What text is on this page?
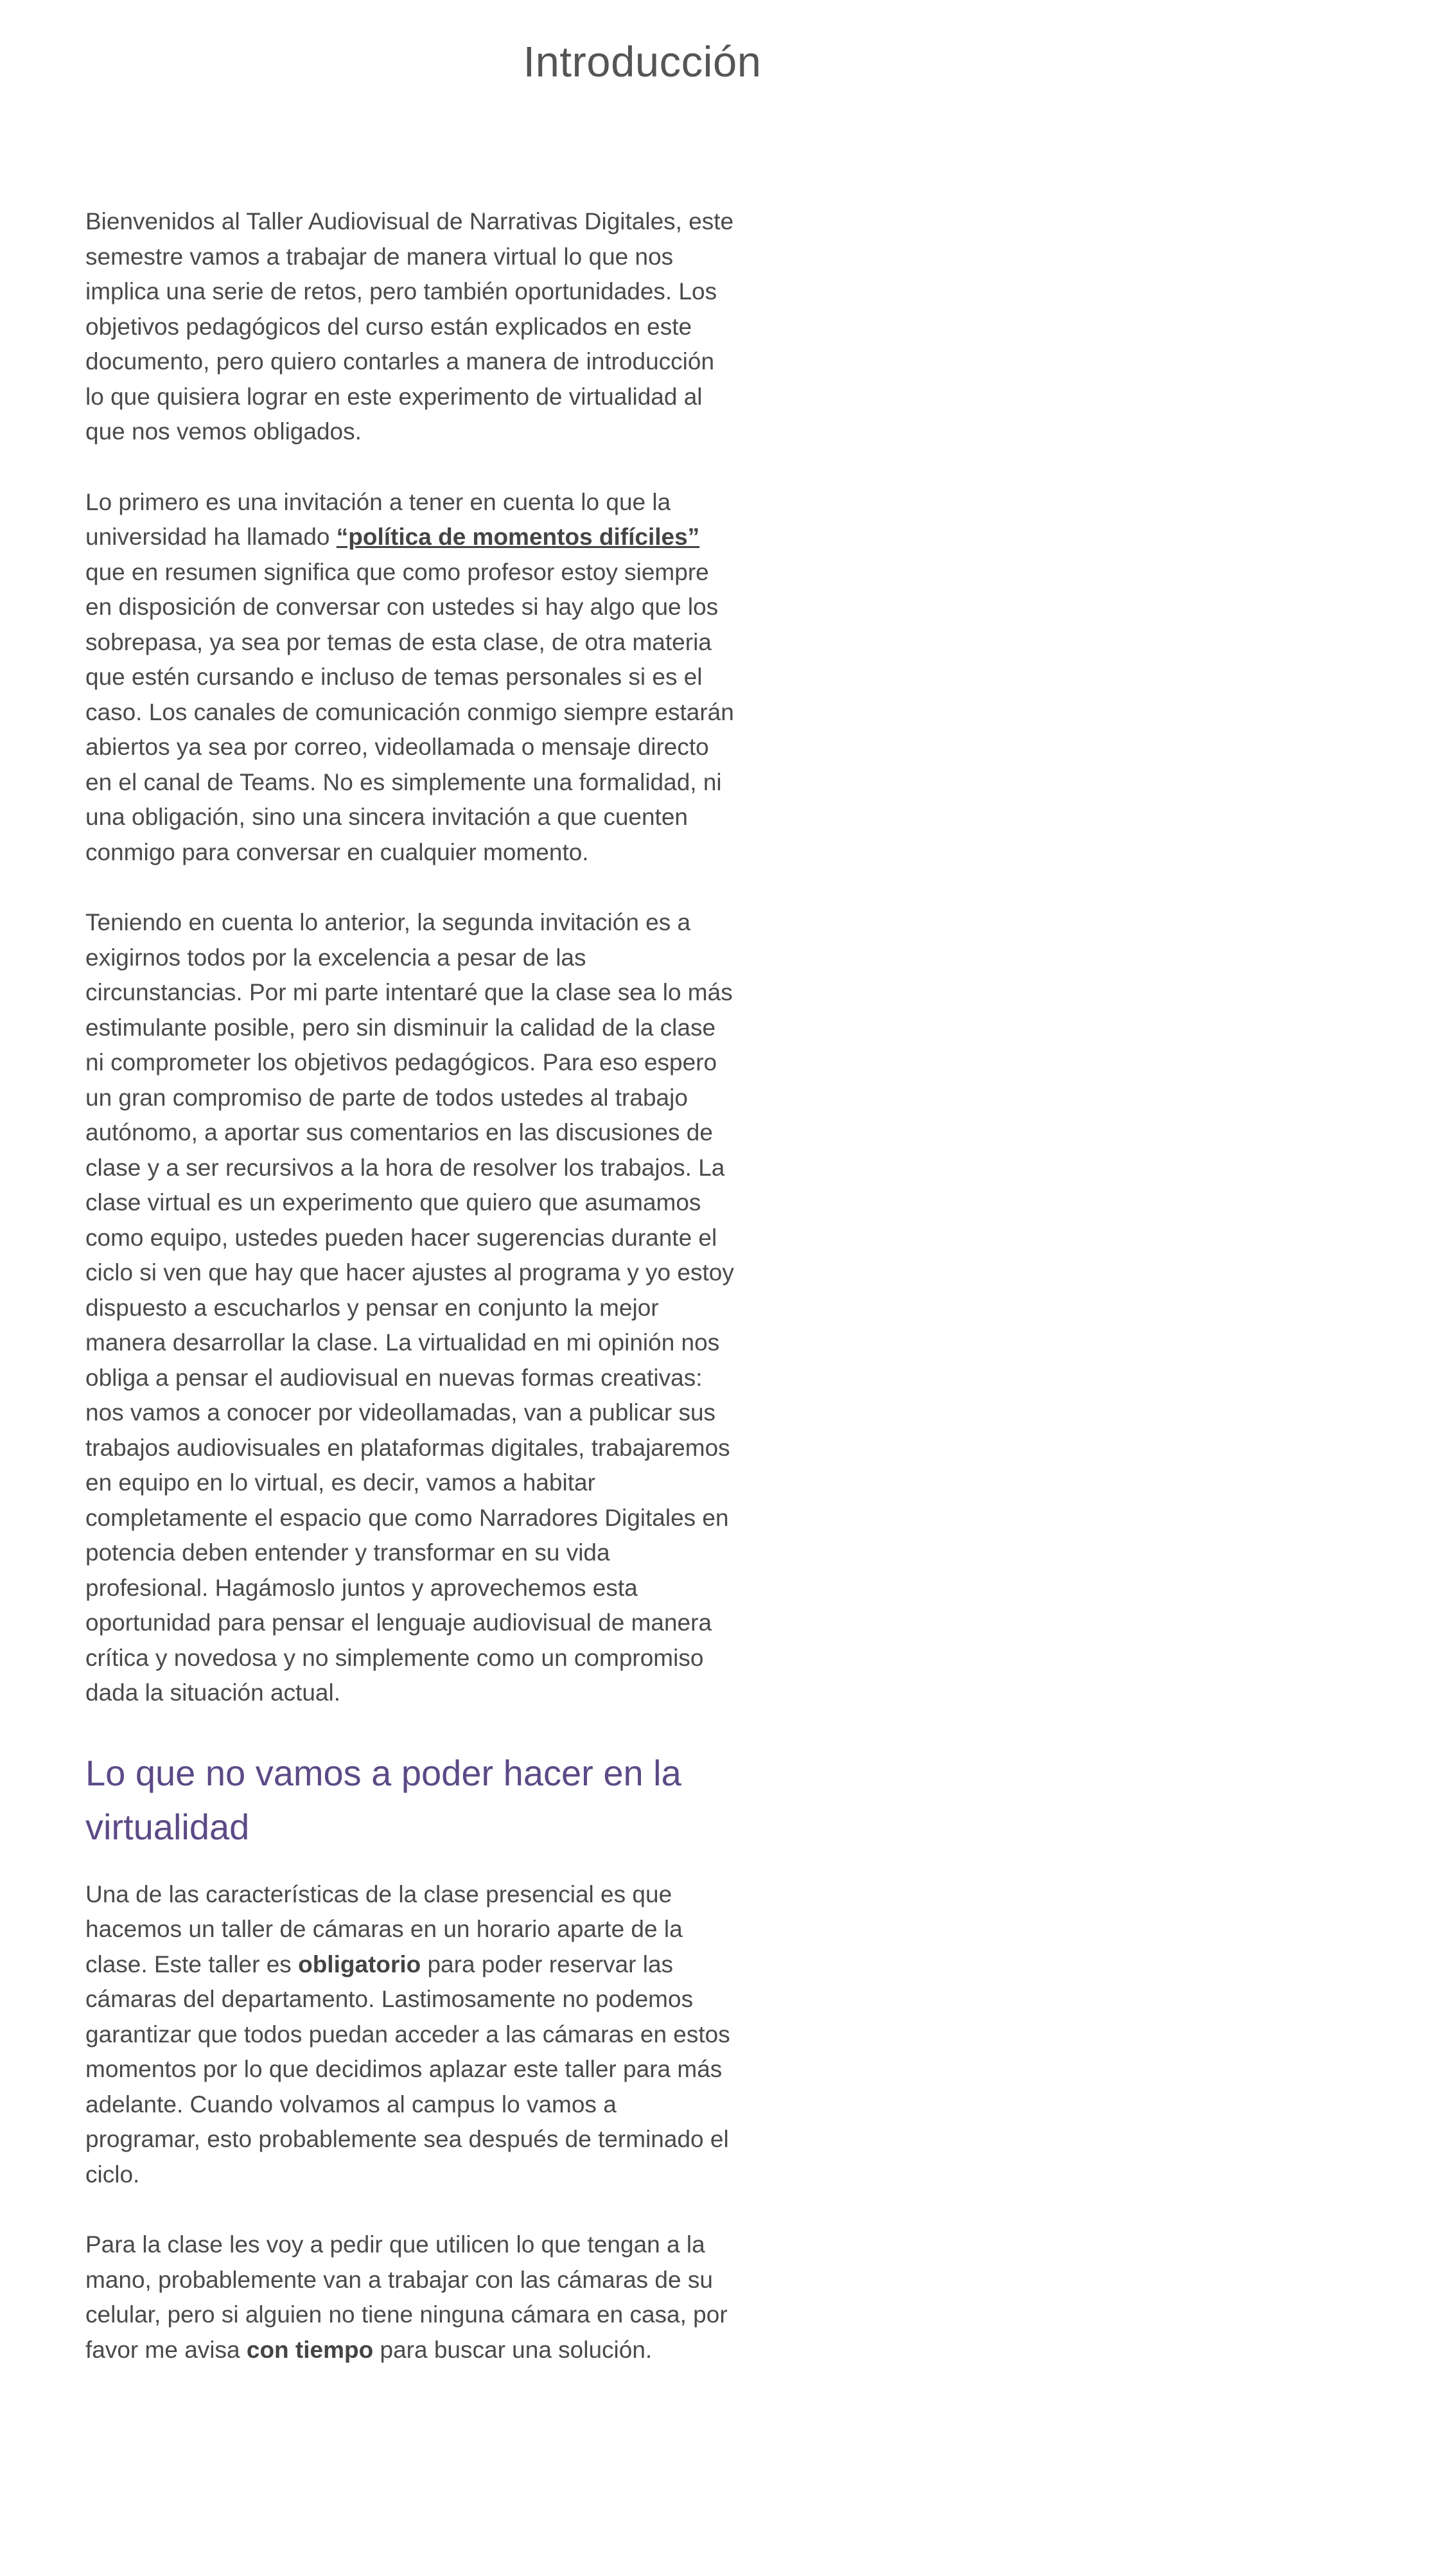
Introducción

Bienvenidos al Taller Audiovisual de Narrativas Digitales, este semestre vamos a trabajar de manera virtual lo que nos implica una serie de retos, pero también oportunidades. Los objetivos pedagógicos del curso están explicados en este documento, pero quiero contarles a manera de introducción lo que quisiera lograr en este experimento de virtualidad al que nos vemos obligados.

Lo primero es una invitación a tener en cuenta lo que la universidad ha llamado “política de momentos difíciles” que en resumen significa que como profesor estoy siempre en disposición de conversar con ustedes si hay algo que los sobrepasa, ya sea por temas de esta clase, de otra materia que estén cursando e incluso de temas personales si es el caso. Los canales de comunicación conmigo siempre estarán abiertos ya sea por correo, videollamada o mensaje directo en el canal de Teams. No es simplemente una formalidad, ni una obligación, sino una sincera invitación a que cuenten conmigo para conversar en cualquier momento.

Teniendo en cuenta lo anterior, la segunda invitación es a exigirnos todos por la excelencia a pesar de las circunstancias. Por mi parte intentaré que la clase sea lo más estimulante posible, pero sin disminuir la calidad de la clase ni comprometer los objetivos pedagógicos. Para eso espero un gran compromiso de parte de todos ustedes al trabajo autónomo, a aportar sus comentarios en las discusiones de clase y a ser recursivos a la hora de resolver los trabajos. La clase virtual es un experimento que quiero que asumamos como equipo, ustedes pueden hacer sugerencias durante el ciclo si ven que hay que hacer ajustes al programa y yo estoy dispuesto a escucharlos y pensar en conjunto la mejor manera desarrollar la clase. La virtualidad en mi opinión nos obliga a pensar el audiovisual en nuevas formas creativas: nos vamos a conocer por videollamadas, van a publicar sus trabajos audiovisuales en plataformas digitales, trabajaremos en equipo en lo virtual, es decir, vamos a habitar completamente el espacio que como Narradores Digitales en potencia deben entender y transformar en su vida profesional. Hagámoslo juntos y aprovechemos esta oportunidad para pensar el lenguaje audiovisual de manera crítica y novedosa y no simplemente como un compromiso dada la situación actual.

Lo que no vamos a poder hacer en la virtualidad

Una de las características de la clase presencial es que hacemos un taller de cámaras en un horario aparte de la clase. Este taller es obligatorio para poder reservar las cámaras del departamento. Lastimosamente no podemos garantizar que todos puedan acceder a las cámaras en estos momentos por lo que decidimos aplazar este taller para más adelante. Cuando volvamos al campus lo vamos a programar, esto probablemente sea después de terminado el ciclo.

Para la clase les voy a pedir que utilicen lo que tengan a la mano, probablemente van a trabajar con las cámaras de su celular, pero si alguien no tiene ninguna cámara en casa, por favor me avisa con tiempo para buscar una solución.
